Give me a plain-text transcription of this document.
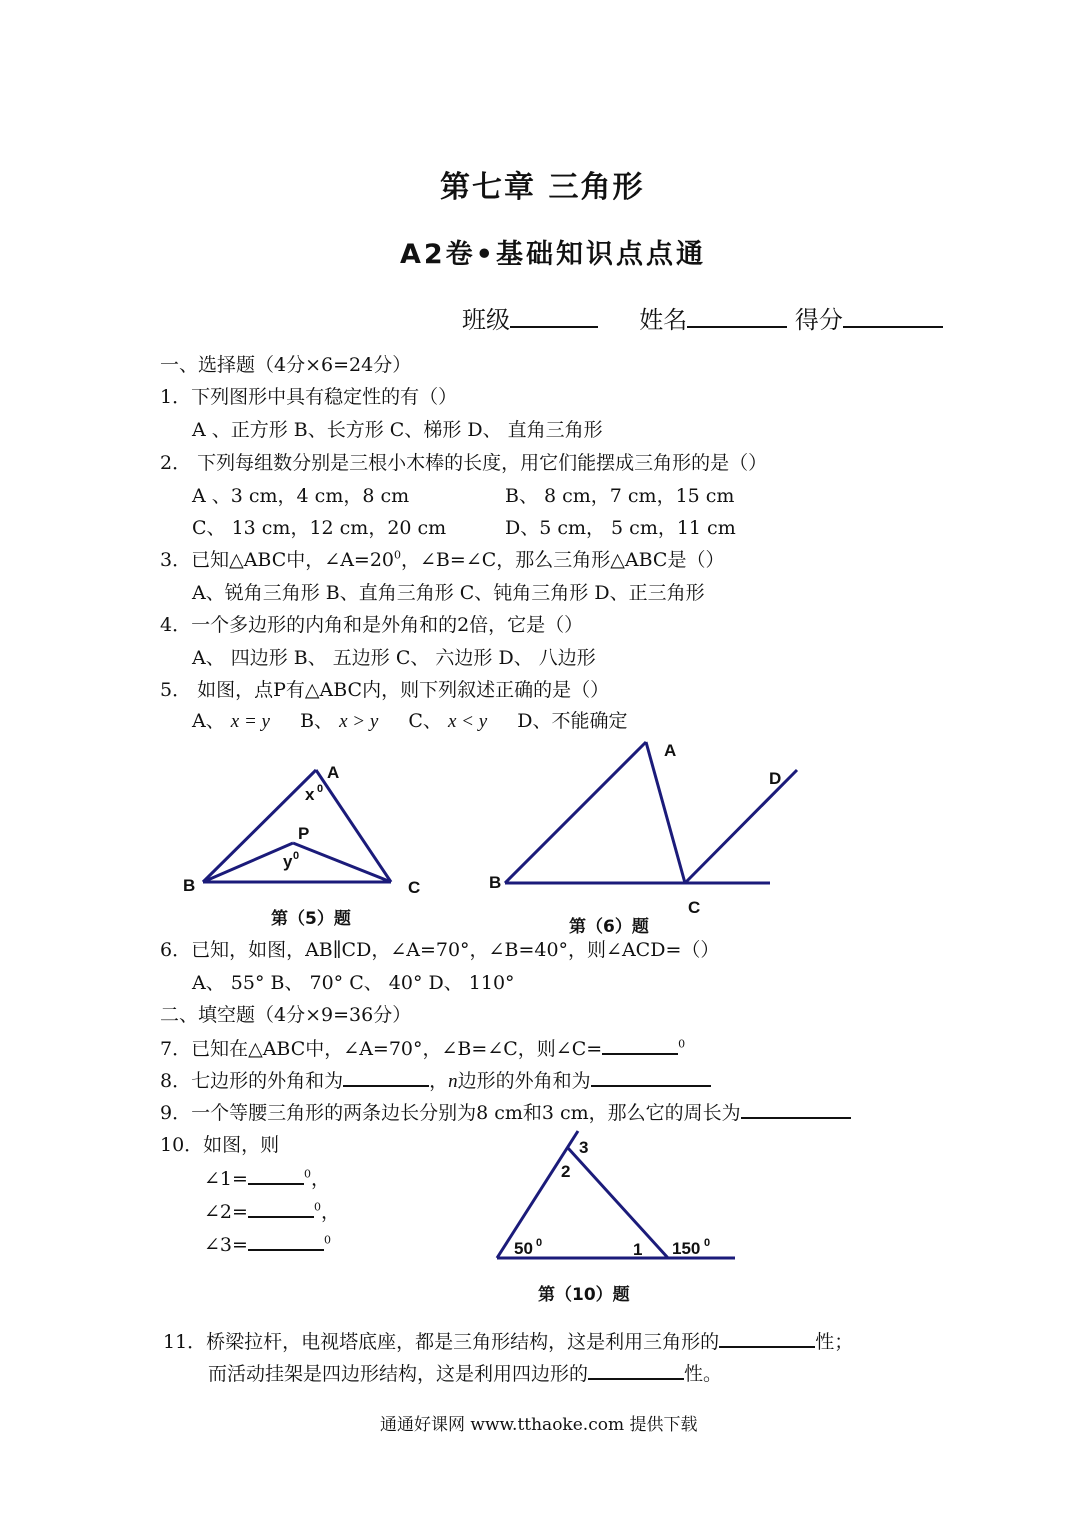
第七章 三角形
A2卷•基础知识点点通
班级	姓名	得分
一、选择题（4分×6=24分）
1．下列图形中具有稳定性的有（）
A 、正方形 B、长方形 C、梯形 D、 直角三角形
2． 下列每组数分别是三根小木棒的长度，用它们能摆成三角形的是（）
A 、3 cm，4 cm，8 cm	B、 8 cm，7 cm，15 cm
C、 13 cm，12 cm，20 cm	D、5 cm， 5 cm，11 cm
3．已知△ABC中，$\angle A=20^0$，∠B=∠C，那么三角形△ABC是（）
A、锐角三角形 B、直角三角形 C、钝角三角形 D、正三角形
4．一个多边形的内角和是外角和的2倍，它是（）
A、 四边形 B、 五边形 C、 六边形 D、 八边形
5． 如图，点P有△ABC内，则下列叙述正确的是（）
A、 x = y B、 x > y C、 x < y D、不能确定
A
x 0
P
y 0
B	C
第（5）题
A
D
B
C
第（6）题
6．已知，如图，AB∥CD，∠A=70°，∠B=40°，则∠ACD=（）
A、 55° B、 70° C、 40° D、 110°
二、填空题（4分×9=36分）
7．已知在△ABC中，∠A=70°，∠B=∠C，则∠C=	$^0$
8．七边形的外角和为	，n边形的外角和为
9．一个等腰三角形的两条边长分别为8 cm和3 cm，那么它的周长为
10．如图，则
∠1=	$^0$，
∠2=	$^0$，
∠3=	$^0$
3
2
50 0	1 150 0
第（10）题
11．桥梁拉杆，电视塔底座，都是三角形结构，这是利用三角形的	性；
而活动挂架是四边形结构，这是利用四边形的	性。
通通好课网 www.tthaoke.com 提供下载
